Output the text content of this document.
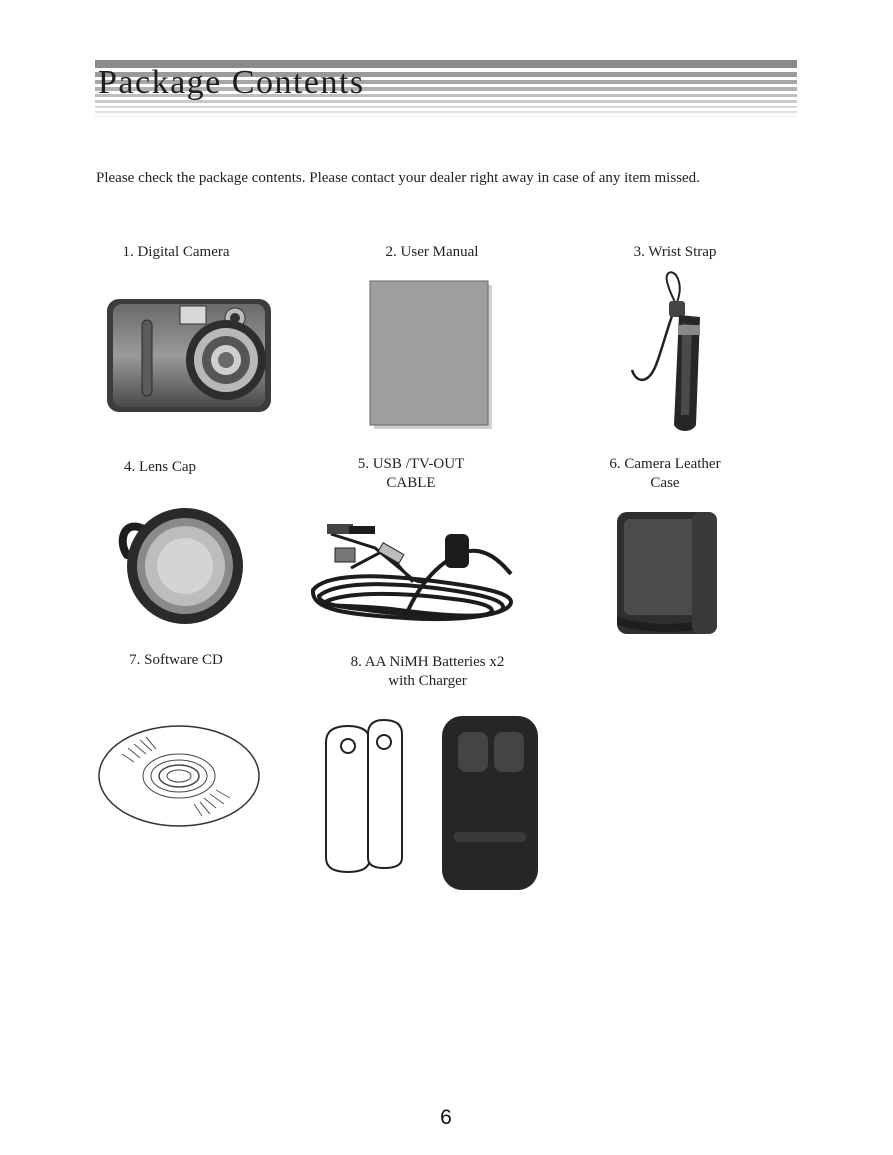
Package Contents

Please check the package contents. Please contact your dealer right away in case of any item missed.

1. Digital Camera	2. User Manual	3. Wrist Strap

4. Lens Cap	5. USB /TV-OUT
CABLE

6. Camera Leather
Case

7. Software CD	8. AA NiMH Batteries x2
with Charger

6
